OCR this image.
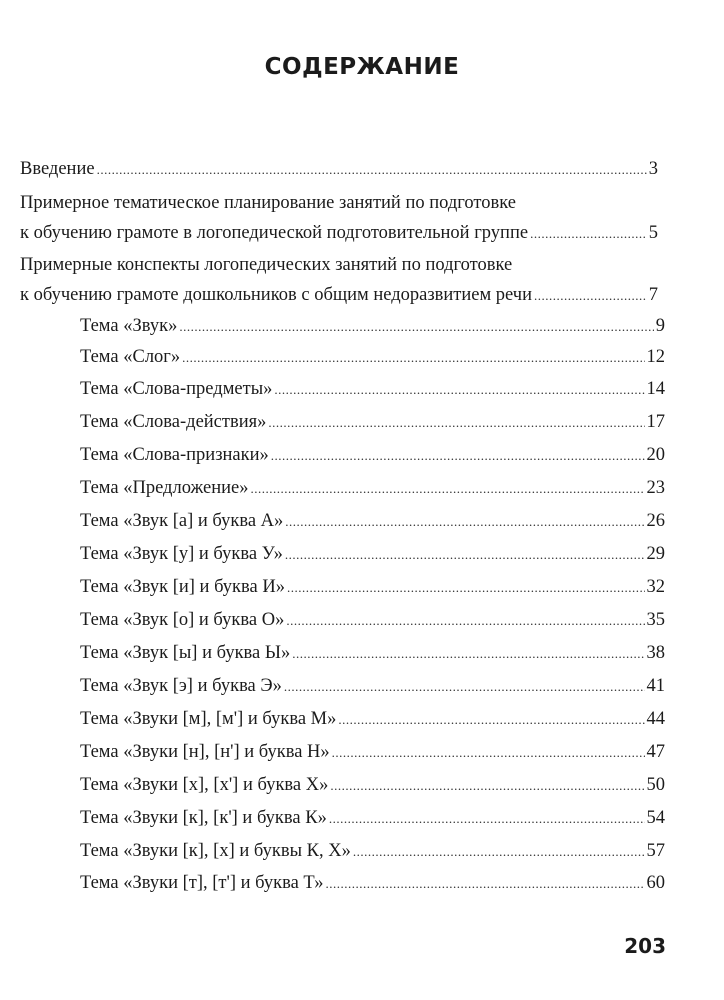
СОДЕРЖАНИЕ
Введение .....	3
Примерное тематическое планирование занятий по подготовке
к обучению грамоте в логопедической подготовительной группе .....	5
Примерные конспекты логопедических занятий по подготовке
к обучению грамоте дошкольников с общим недоразвитием речи .....	7
Тема «Звук» .....	9
Тема «Слог» .....	12
Тема «Слова-предметы» .....	14
Тема «Слова-действия» .....	17
Тема «Слова-признаки» .....	20
Тема «Предложение» .....	23
Тема «Звук [а] и буква А» .....	26
Тема «Звук [у] и буква У» .....	29
Тема «Звук [и] и буква И» .....	32
Тема «Звук [о] и буква О» .....	35
Тема «Звук [ы] и буква Ы» .....	38
Тема «Звук [э] и буква Э» .....	41
Тема «Звуки [м], [м'] и буква М» .....	44
Тема «Звуки [н], [н'] и буква Н» .....	47
Тема «Звуки [х], [х'] и буква Х» .....	50
Тема «Звуки [к], [к'] и буква К» .....	54
Тема «Звуки [к], [х] и буквы К, Х» .....	57
Тема «Звуки [т], [т'] и буква Т» .....	60
203
